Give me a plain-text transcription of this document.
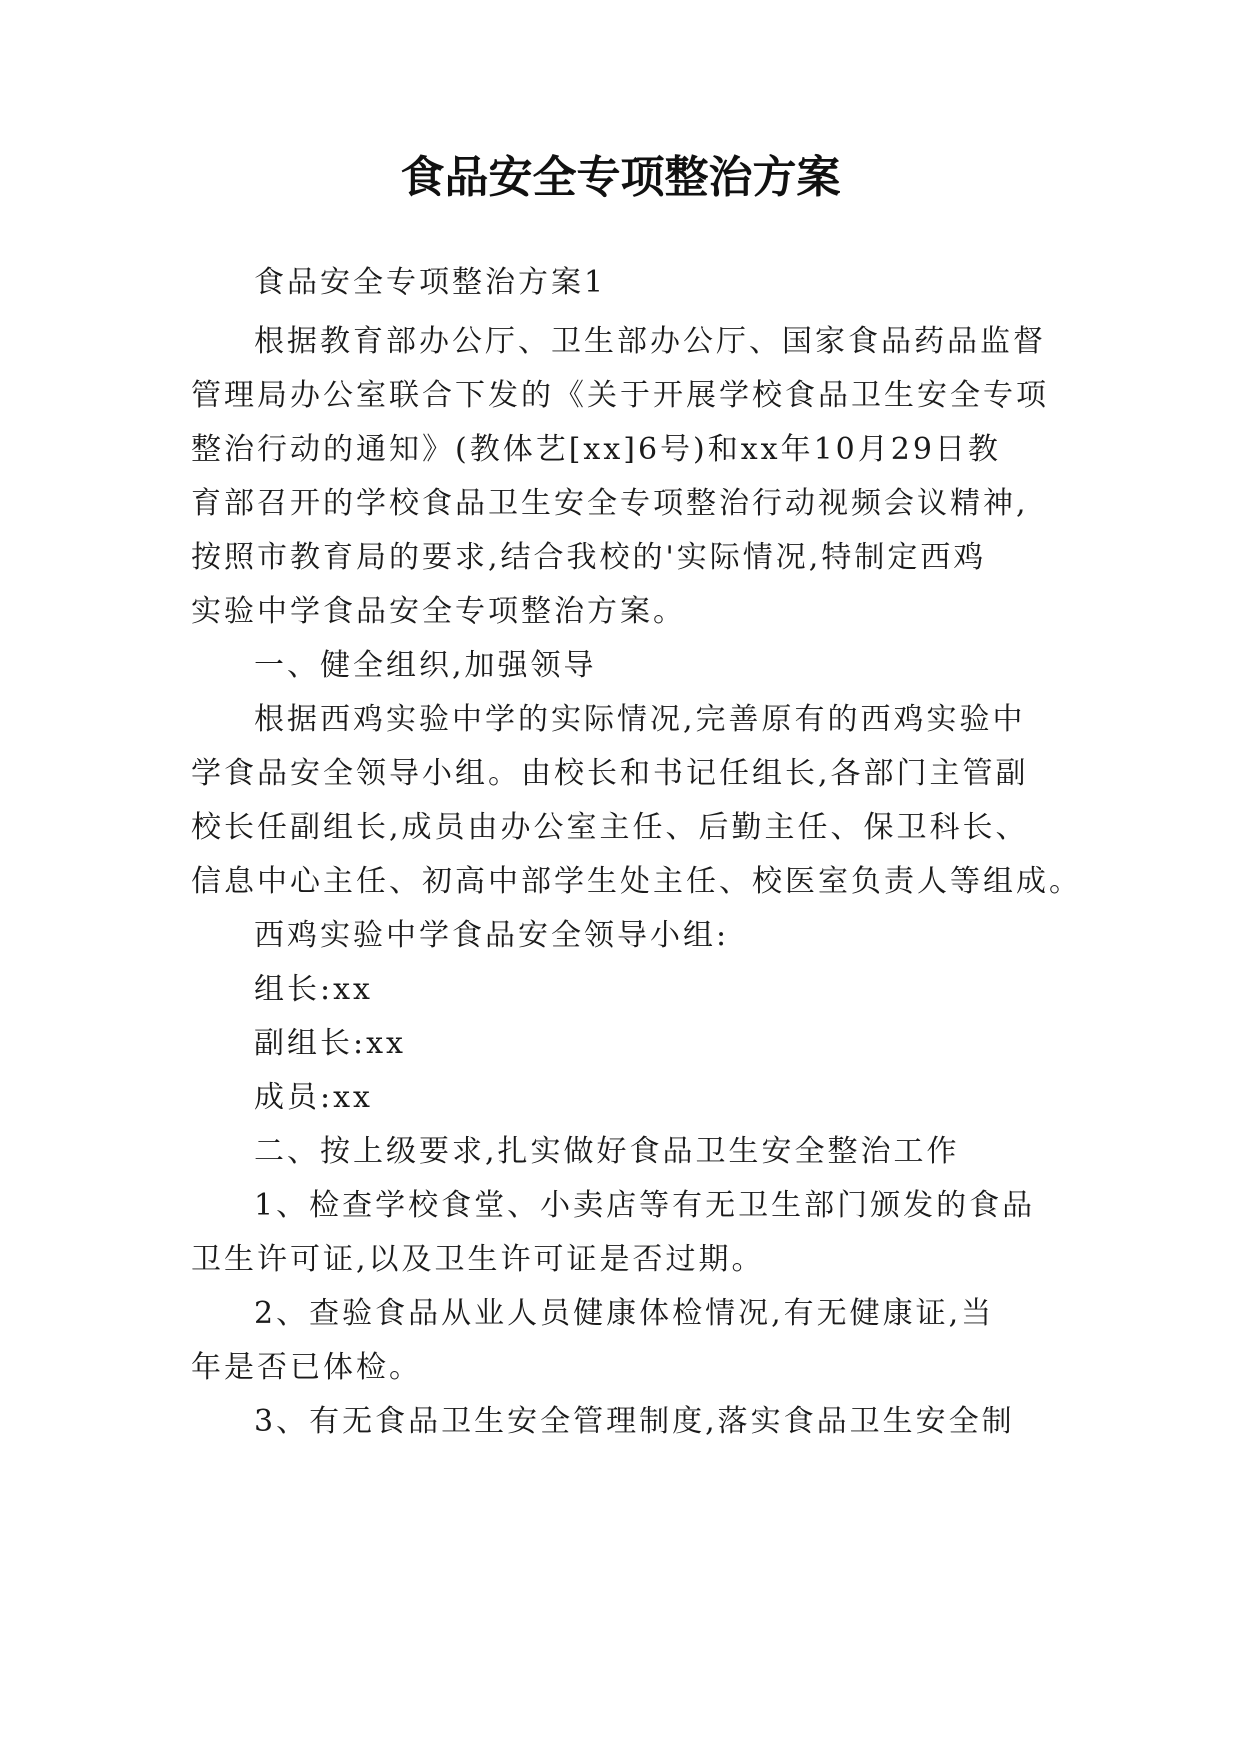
食品安全专项整治方案
食品安全专项整治方案1
根据教育部办公厅、卫生部办公厅、国家食品药品监督
管理局办公室联合下发的《关于开展学校食品卫生安全专项
整治行动的通知》(教体艺[xx]6号)和xx年10月29日教
育部召开的学校食品卫生安全专项整治行动视频会议精神,
按照市教育局的要求,结合我校的'实际情况,特制定西鸡
实验中学食品安全专项整治方案。
一、健全组织,加强领导
根据西鸡实验中学的实际情况,完善原有的西鸡实验中
学食品安全领导小组。由校长和书记任组长,各部门主管副
校长任副组长,成员由办公室主任、后勤主任、保卫科长、
信息中心主任、初高中部学生处主任、校医室负责人等组成。
西鸡实验中学食品安全领导小组:
组长:xx
副组长:xx
成员:xx
二、按上级要求,扎实做好食品卫生安全整治工作
1、检查学校食堂、小卖店等有无卫生部门颁发的食品
卫生许可证,以及卫生许可证是否过期。
2、查验食品从业人员健康体检情况,有无健康证,当
年是否已体检。
3、有无食品卫生安全管理制度,落实食品卫生安全制
